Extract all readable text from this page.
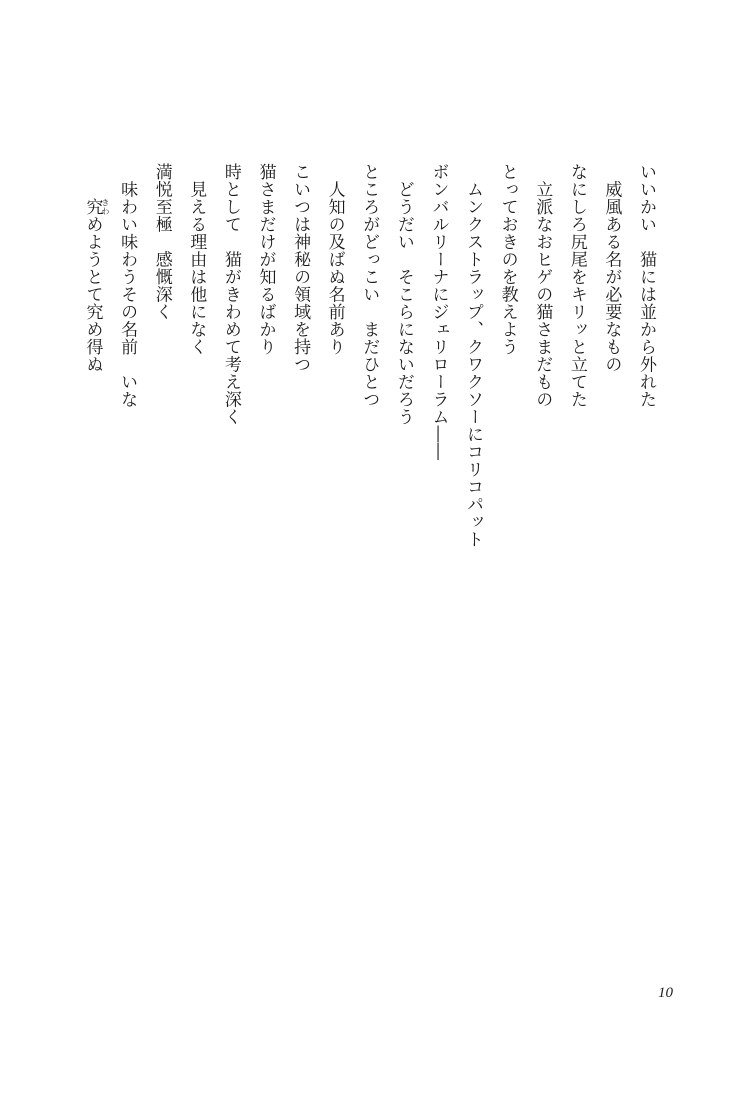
いいかい　猫には並から外れた
　威風ある名が必要なもの
なにしろ尻尾をキリッと立てた
　立派なおヒゲの猫さまだもの
とっておきのを教えよう
　ムンクストラップ、クワクソーにコリコパット
ボンバルリーナにジェリローラム――
　どうだい　そこらにないだろう
ところがどっこい　まだひとつ
　人知の及ばぬ名前あり
こいつは神秘の領域を持つ
猫さまだけが知るばかり
時として　猫がきわめて考え深く
　見える理由は他になく
満悦至極　感慨深く
　味わい味わうその名前　いな
　　究きわめようとて究め得ぬ
10
